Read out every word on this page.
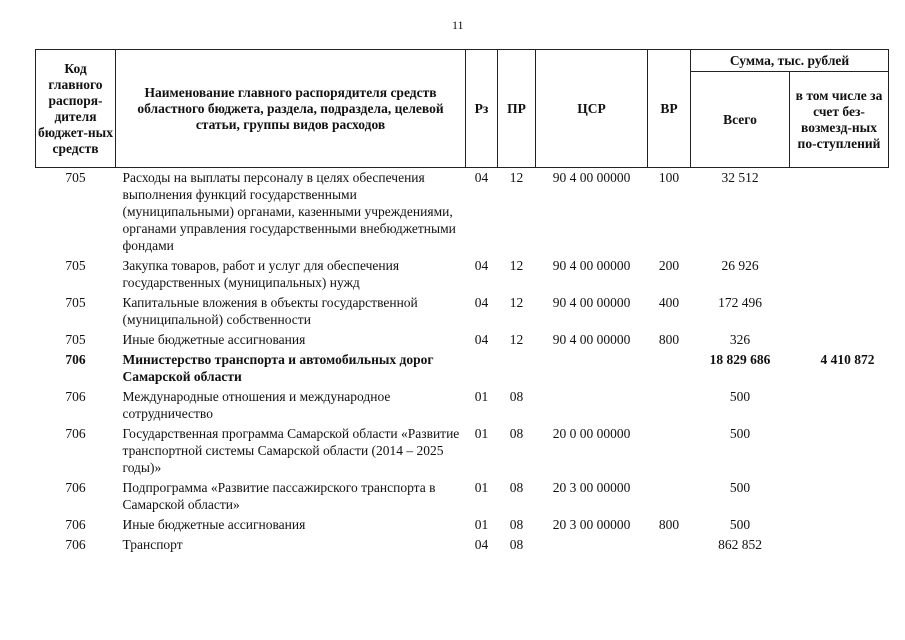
11
Код главного распоря-дителя бюджет-ных средств	Наименование главного распорядителя средств областного бюджета, раздела, подраздела, целевой статьи, группы видов расходов	Рз	ПР	ЦСР	ВР	Сумма, тыс. рублей	
						Всего	в том числе за счет без-возмезд-ных по-ступлений
705	Расходы на выплаты персоналу в целях обеспечения выполнения функций государственными (муниципальными) органами, казенными учреждениями, органами управления государственными внебюджетными фондами	04	12	90 4 00 00000	100	32 512	
705	Закупка товаров, работ и услуг для обеспечения государственных (муниципальных) нужд	04	12	90 4 00 00000	200	26 926	
705	Капитальные вложения в объекты государственной (муниципальной) собственности	04	12	90 4 00 00000	400	172 496	
705	Иные бюджетные ассигнования	04	12	90 4 00 00000	800	326	
706	Министерство транспорта и автомобильных дорог Самарской области					18 829 686	4 410 872
706	Международные отношения и международное сотрудничество	01	08			500	
706	Государственная программа Самарской области «Развитие транспортной системы Самарской области (2014 – 2025 годы)»	01	08	20 0 00 00000		500	
706	Подпрограмма «Развитие пассажирского транспорта в Самарской области»	01	08	20 3 00 00000		500	
706	Иные бюджетные ассигнования	01	08	20 3 00 00000	800	500	
706	Транспорт	04	08			862 852	
